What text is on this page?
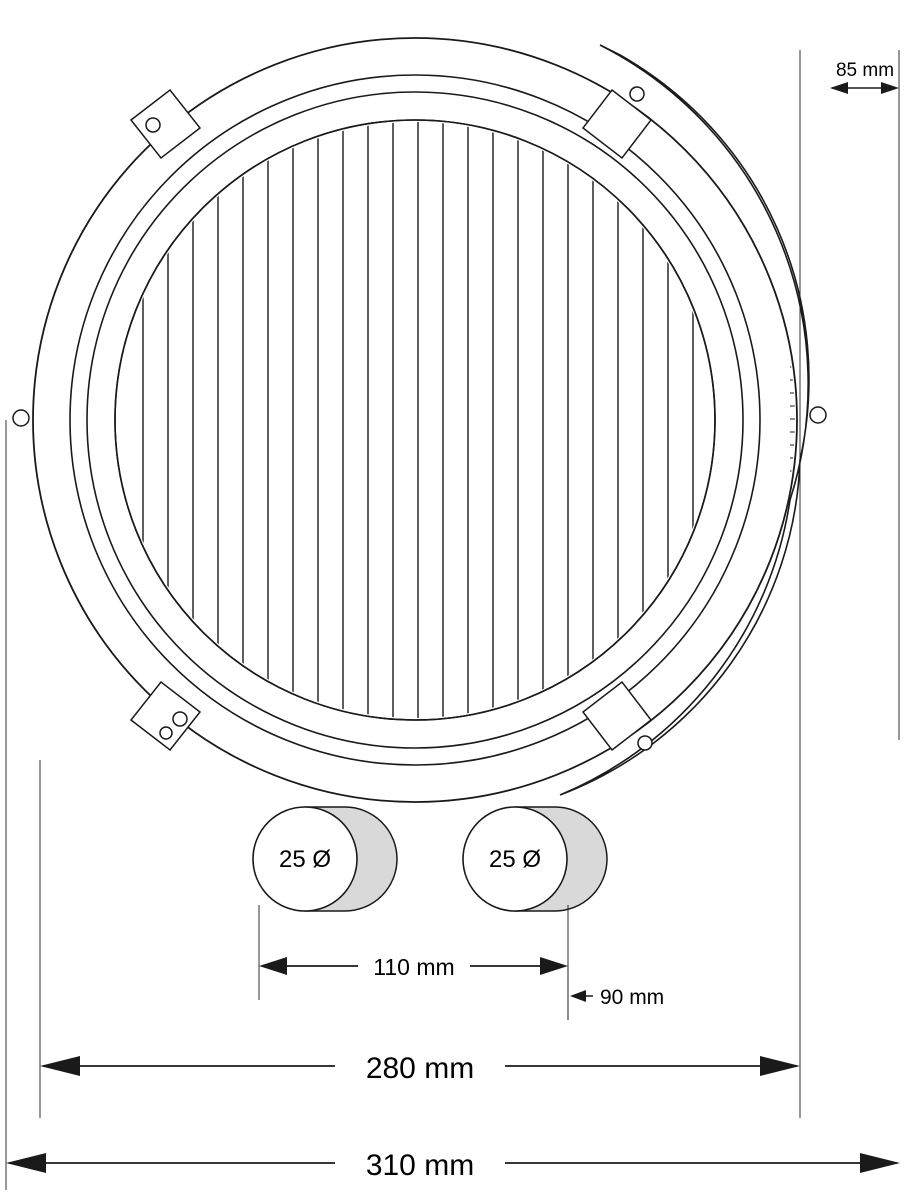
25 Ø	25 Ø
85 mm
110 mm
90 mm
280 mm
310 mm
